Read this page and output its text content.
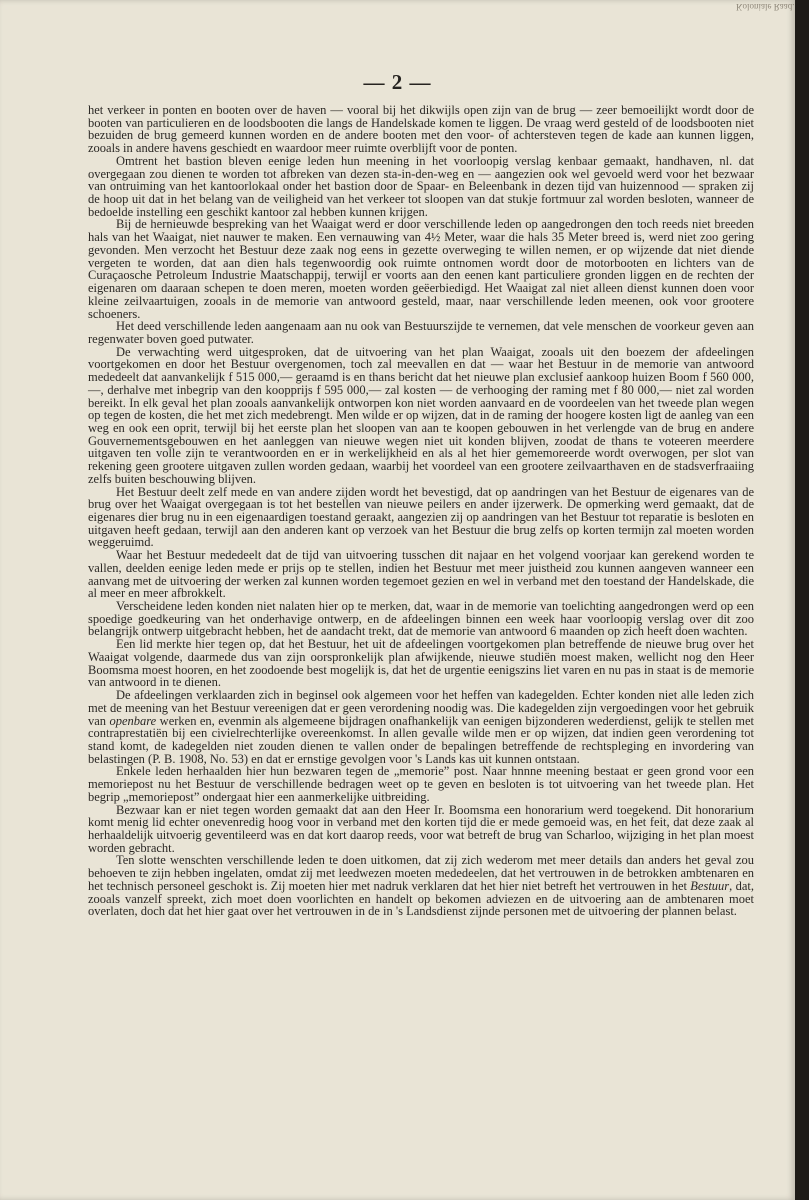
Koloniale Raad.
— 2 —

het verkeer in ponten en booten over de haven — vooral bij het dikwijls open zijn van de brug — zeer bemoeilijkt wordt door de booten van particulieren en de loodsbooten die langs de Handelskade komen te liggen. De vraag werd gesteld of de loodsbooten niet bezuiden de brug gemeerd kunnen worden en de andere booten met den voor- of achtersteven tegen de kade aan kunnen liggen, zooals in andere havens geschiedt en waardoor meer ruimte overblijft voor de ponten.

Omtrent het bastion bleven eenige leden hun meening in het voorloopig verslag kenbaar gemaakt, handhaven, nl. dat overgegaan zou dienen te worden tot afbreken van dezen sta-in-den-weg en — aangezien ook wel gevoeld werd voor het bezwaar van ontruiming van het kantoorlokaal onder het bastion door de Spaar- en Beleenbank in dezen tijd van huizennood — spraken zij de hoop uit dat in het belang van de veiligheid van het verkeer tot sloopen van dat stukje fortmuur zal worden besloten, wanneer de bedoelde instelling een geschikt kantoor zal hebben kunnen krijgen.

Bij de hernieuwde bespreking van het Waaigat werd er door verschillende leden op aangedrongen den toch reeds niet breeden hals van het Waaigat, niet nauwer te maken. Een vernauwing van 4½ Meter, waar die hals 35 Meter breed is, werd niet zoo gering gevonden. Men verzocht het Bestuur deze zaak nog eens in gezette overweging te willen nemen, er op wijzende dat niet diende vergeten te worden, dat aan dien hals tegenwoordig ook ruimte ontnomen wordt door de motorbooten en lichters van de Curaçaosche Petroleum Industrie Maatschappij, terwijl er voorts aan den eenen kant particuliere gronden liggen en de rechten der eigenaren om daaraan schepen te doen meren, moeten worden geëerbiedigd. Het Waaigat zal niet alleen dienst kunnen doen voor kleine zeilvaartuigen, zooals in de memorie van antwoord gesteld, maar, naar verschillende leden meenen, ook voor grootere schoeners.

Het deed verschillende leden aangenaam aan nu ook van Bestuurszijde te vernemen, dat vele menschen de voorkeur geven aan regenwater boven goed putwater.

De verwachting werd uitgesproken, dat de uitvoering van het plan Waaigat, zooals uit den boezem der afdeelingen voortgekomen en door het Bestuur overgenomen, toch zal meevallen en dat — waar het Bestuur in de memorie van antwoord mededeelt dat aanvankelijk f 515 000,— geraamd is en thans bericht dat het nieuwe plan exclusief aankoop huizen Boom f 560 000,—, derhalve met inbegrip van den koopprijs f 595 000,— zal kosten — de verhooging der raming met f 80 000,— niet zal worden bereikt. In elk geval het plan zooals aanvankelijk ontworpen kon niet worden aanvaard en de voordeelen van het tweede plan wegen op tegen de kosten, die het met zich medebrengt. Men wilde er op wijzen, dat in de raming der hoogere kosten ligt de aanleg van een weg en ook een oprit, terwijl bij het eerste plan het sloopen van aan te koopen gebouwen in het verlengde van de brug en andere Gouvernementsgebouwen en het aanleggen van nieuwe wegen niet uit konden blijven, zoodat de thans te voteeren meerdere uitgaven ten volle zijn te verantwoorden en er in werkelijkheid en als al het hier gememoreerde wordt overwogen, per slot van rekening geen grootere uitgaven zullen worden gedaan, waarbij het voordeel van een grootere zeilvaarthaven en de stadsverfraaiing zelfs buiten beschouwing blijven.

Het Bestuur deelt zelf mede en van andere zijden wordt het bevestigd, dat op aandringen van het Bestuur de eigenares van de brug over het Waaigat overgegaan is tot het bestellen van nieuwe peilers en ander ijzerwerk. De opmerking werd gemaakt, dat de eigenares dier brug nu in een eigenaardigen toestand geraakt, aangezien zij op aandringen van het Bestuur tot reparatie is besloten en uitgaven heeft gedaan, terwijl aan den anderen kant op verzoek van het Bestuur die brug zelfs op korten termijn zal moeten worden weggeruimd.

Waar het Bestuur mededeelt dat de tijd van uitvoering tusschen dit najaar en het volgend voorjaar kan gerekend worden te vallen, deelden eenige leden mede er prijs op te stellen, indien het Bestuur met meer juistheid zou kunnen aangeven wanneer een aanvang met de uitvoering der werken zal kunnen worden tegemoet gezien en wel in verband met den toestand der Handelskade, die al meer en meer afbrokkelt.

Verscheidene leden konden niet nalaten hier op te merken, dat, waar in de memorie van toelichting aangedrongen werd op een spoedige goedkeuring van het onderhavige ontwerp, en de afdeelingen binnen een week haar voorloopig verslag over dit zoo belangrijk ontwerp uitgebracht hebben, het de aandacht trekt, dat de memorie van antwoord 6 maanden op zich heeft doen wachten.

Een lid merkte hier tegen op, dat het Bestuur, het uit de afdeelingen voortgekomen plan betreffende de nieuwe brug over het Waaigat volgende, daarmede dus van zijn oorspronkelijk plan afwijkende, nieuwe studiën moest maken, wellicht nog den Heer Boomsma moest hooren, en het zoodoende best mogelijk is, dat het de urgentie eenigszins liet varen en nu pas in staat is de memorie van antwoord in te dienen.

De afdeelingen verklaarden zich in beginsel ook algemeen voor het heffen van kadegelden. Echter konden niet alle leden zich met de meening van het Bestuur vereenigen dat er geen verordening noodig was. Die kadegelden zijn vergoedingen voor het gebruik van openbare werken en, evenmin als algemeene bijdragen onafhankelijk van eenigen bijzonderen wederdienst, gelijk te stellen met contraprestatiën bij een civielrechterlijke overeenkomst. In allen gevalle wilde men er op wijzen, dat indien geen verordening tot stand komt, de kadegelden niet zouden dienen te vallen onder de bepalingen betreffende de rechtspleging en invordering van belastingen (P. B. 1908, No. 53) en dat er ernstige gevolgen voor 's Lands kas uit kunnen ontstaan.

Enkele leden herhaalden hier hun bezwaren tegen de „memorie” post. Naar hnnne meening bestaat er geen grond voor een memoriepost nu het Bestuur de verschillende bedragen weet op te geven en besloten is tot uitvoering van het tweede plan. Het begrip „memoriepost” ondergaat hier een aanmerkelijke uitbreiding.

Bezwaar kan er niet tegen worden gemaakt dat aan den Heer Ir. Boomsma een honorarium werd toegekend. Dit honorarium komt menig lid echter onevenredig hoog voor in verband met den korten tijd die er mede gemoeid was, en het feit, dat deze zaak al herhaaldelijk uitvoerig geventileerd was en dat kort daarop reeds, voor wat betreft de brug van Scharloo, wijziging in het plan moest worden gebracht.

Ten slotte wenschten verschillende leden te doen uitkomen, dat zij zich wederom met meer details dan anders het geval zou behoeven te zijn hebben ingelaten, omdat zij met leedwezen moeten mededeelen, dat het vertrouwen in de betrokken ambtenaren en het technisch personeel geschokt is. Zij moeten hier met nadruk verklaren dat het hier niet betreft het vertrouwen in het Bestuur, dat, zooals vanzelf spreekt, zich moet doen voorlichten en handelt op bekomen adviezen en de uitvoering aan de ambtenaren moet overlaten, doch dat het hier gaat over het vertrouwen in de in 's Landsdienst zijnde personen met de uitvoering der plannen belast.
